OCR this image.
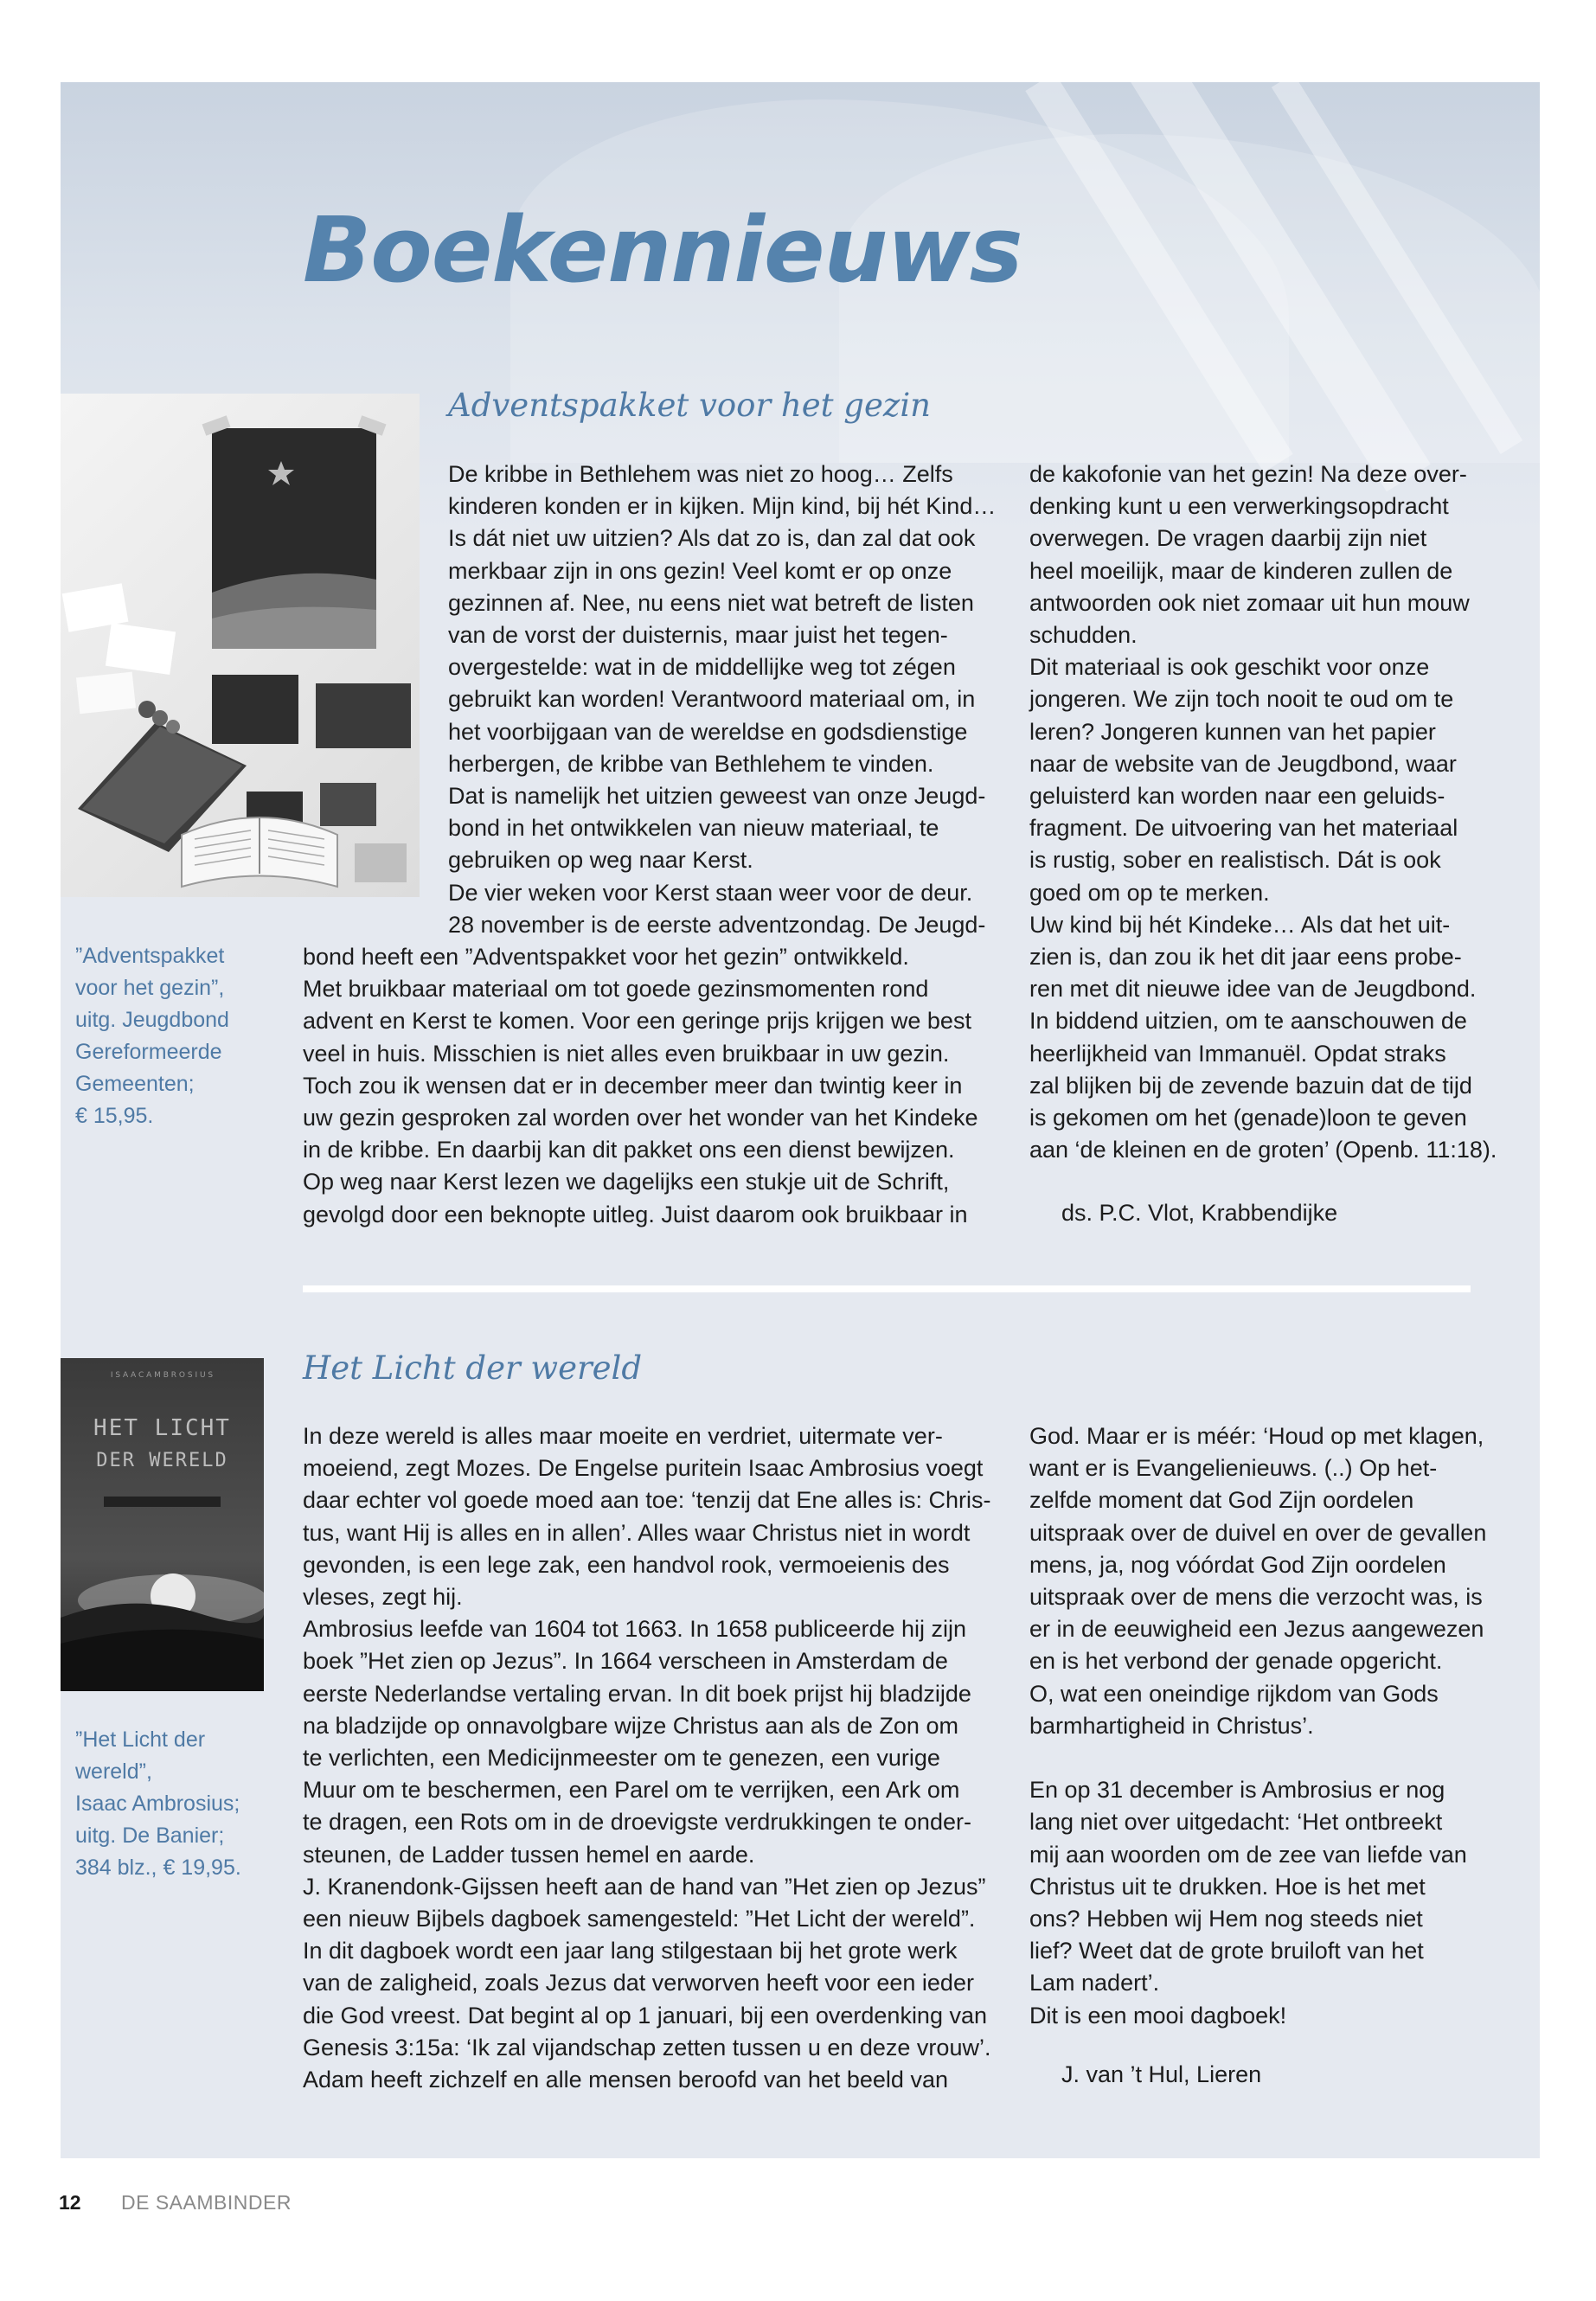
”Adventspakket

voor het gezin”,

uitg. Jeugdbond

Gereformeerde

Gemeenten;

€ 15,95.

I S A A C A M B R O S I U S

HET LICHT
DER WERELD

”Het Licht der

wereld”,

Isaac Ambrosius;

uitg. De Banier;

384 blz., € 19,95.

Boekennieuws
Adventspakket voor het gezin

De kribbe in Bethlehem was niet zo hoog… Zelfs

kinderen konden er in kijken. Mijn kind, bij hét Kind…

Is dát niet uw uitzien? Als dat zo is, dan zal dat ook

merkbaar zijn in ons gezin! Veel komt er op onze

gezinnen af. Nee, nu eens niet wat betreft de listen

van de vorst der duisternis, maar juist het tegen-

overgestelde: wat in de middellijke weg tot zégen

gebruikt kan worden! Verantwoord materiaal om, in

het voorbijgaan van de wereldse en godsdienstige

herbergen, de kribbe van Bethlehem te vinden.

Dat is namelijk het uitzien geweest van onze Jeugd-

bond in het ontwikkelen van nieuw materiaal, te

gebruiken op weg naar Kerst.

De vier weken voor Kerst staan weer voor de deur.

28 november is de eerste adventzondag. De Jeugd-

bond heeft een ”Adventspakket voor het gezin” ontwikkeld.

Met bruikbaar materiaal om tot goede gezinsmomenten rond

advent en Kerst te komen. Voor een geringe prijs krijgen we best

veel in huis. Misschien is niet alles even bruikbaar in uw gezin.

Toch zou ik wensen dat er in december meer dan twintig keer in

uw gezin gesproken zal worden over het wonder van het Kindeke

in de kribbe. En daarbij kan dit pakket ons een dienst bewijzen.

Op weg naar Kerst lezen we dagelijks een stukje uit de Schrift,

gevolgd door een beknopte uitleg. Juist daarom ook bruikbaar in

de kakofonie van het gezin! Na deze over-

denking kunt u een verwerkingsopdracht

overwegen. De vragen daarbij zijn niet

heel moeilijk, maar de kinderen zullen de

antwoorden ook niet zomaar uit hun mouw

schudden.

Dit materiaal is ook geschikt voor onze

jongeren. We zijn toch nooit te oud om te

leren? Jongeren kunnen van het papier

naar de website van de Jeugdbond, waar

geluisterd kan worden naar een geluids-

fragment. De uitvoering van het materiaal

is rustig, sober en realistisch. Dát is ook

goed om op te merken.

Uw kind bij hét Kindeke… Als dat het uit-

zien is, dan zou ik het dit jaar eens probe-

ren met dit nieuwe idee van de Jeugdbond.

In biddend uitzien, om te aanschouwen de

heerlijkheid van Immanuël. Opdat straks

zal blijken bij de zevende bazuin dat de tijd

is gekomen om het (genade)loon te geven

aan ‘de kleinen en de groten’ (Openb. 11:18).

ds. P.C. Vlot, Krabbendijke

Het Licht der wereld

In deze wereld is alles maar moeite en verdriet, uitermate ver-

moeiend, zegt Mozes. De Engelse puritein Isaac Ambrosius voegt

daar echter vol goede moed aan toe: ‘tenzij dat Ene alles is: Chris-

tus, want Hij is alles en in allen’. Alles waar Christus niet in wordt

gevonden, is een lege zak, een handvol rook, vermoeienis des

vleses, zegt hij.

Ambrosius leefde van 1604 tot 1663. In 1658 publiceerde hij zijn

boek ”Het zien op Jezus”. In 1664 verscheen in Amsterdam de

eerste Nederlandse vertaling ervan. In dit boek prijst hij bladzijde

na bladzijde op onnavolgbare wijze Christus aan als de Zon om

te verlichten, een Medicijnmeester om te genezen, een vurige

Muur om te beschermen, een Parel om te verrijken, een Ark om

te dragen, een Rots om in de droevigste verdrukkingen te onder-

steunen, de Ladder tussen hemel en aarde.

J. Kranendonk-Gijssen heeft aan de hand van ”Het zien op Jezus”

een nieuw Bijbels dagboek samengesteld: ”Het Licht der wereld”.

In dit dagboek wordt een jaar lang stilgestaan bij het grote werk

van de zaligheid, zoals Jezus dat verworven heeft voor een ieder

die God vreest. Dat begint al op 1 januari, bij een overdenking van

Genesis 3:15a: ‘Ik zal vijandschap zetten tussen u en deze vrouw’.

Adam heeft zichzelf en alle mensen beroofd van het beeld van

God. Maar er is méér: ‘Houd op met klagen,

want er is Evangelienieuws. (..) Op het-

zelfde moment dat God Zijn oordelen

uitspraak over de duivel en over de gevallen

mens, ja, nog vóórdat God Zijn oordelen

uitspraak over de mens die verzocht was, is

er in de eeuwigheid een Jezus aangewezen

en is het verbond der genade opgericht.

O, wat een oneindige rijkdom van Gods

barmhartigheid in Christus’.

En op 31 december is Ambrosius er nog

lang niet over uitgedacht: ‘Het ontbreekt

mij aan woorden om de zee van liefde van

Christus uit te drukken. Hoe is het met

ons? Hebben wij Hem nog steeds niet

lief? Weet dat de grote bruiloft van het

Lam nadert’.

Dit is een mooi dagboek!

J. van ’t Hul, Lieren

12 DE SAAMBINDER
